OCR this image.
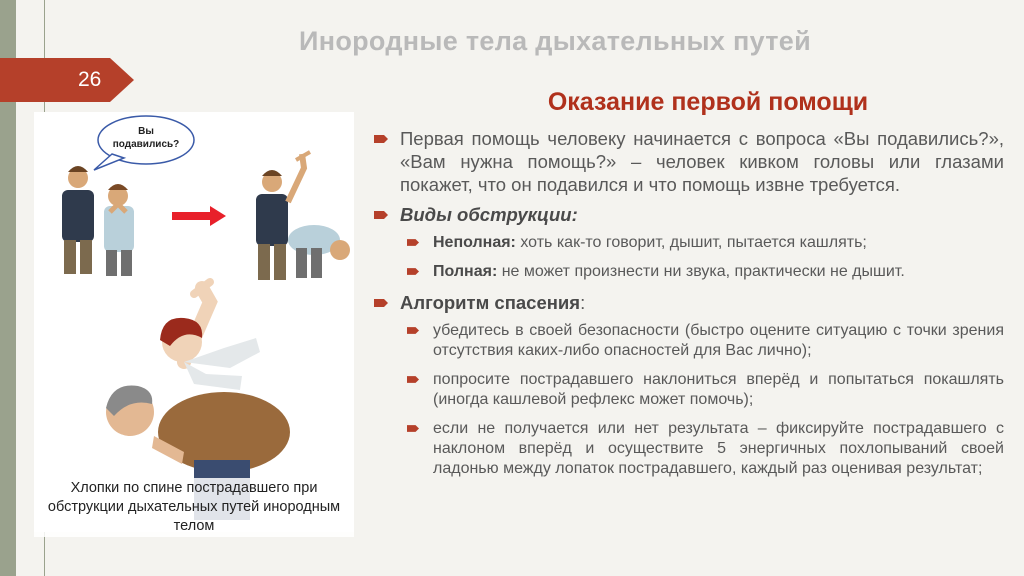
Инородные тела дыхательных путей
26
Вы
подавились?
Хлопки по спине пострадавшего при обструкции дыхательных путей инородным телом
Оказание первой помощи
Первая помощь человеку начинается с вопроса «Вы подавились?», «Вам нужна помощь?» – человек кивком головы или глазами покажет, что он подавился и что помощь извне требуется.
Виды обструкции:
Неполная: хоть как-то говорит, дышит, пытается кашлять;
Полная: не может произнести ни звука, практически не дышит.
Алгоритм спасения:
убедитесь в своей безопасности (быстро оцените ситуацию с точки зрения отсутствия каких-либо опасностей для Вас лично);
попросите пострадавшего наклониться вперёд и попытаться покашлять (иногда кашлевой рефлекс может помочь);
если не получается или нет результата – фиксируйте пострадавшего с наклоном вперёд и осуществите 5 энергичных похлопываний своей ладонью между лопаток пострадавшего, каждый раз оценивая результат;
